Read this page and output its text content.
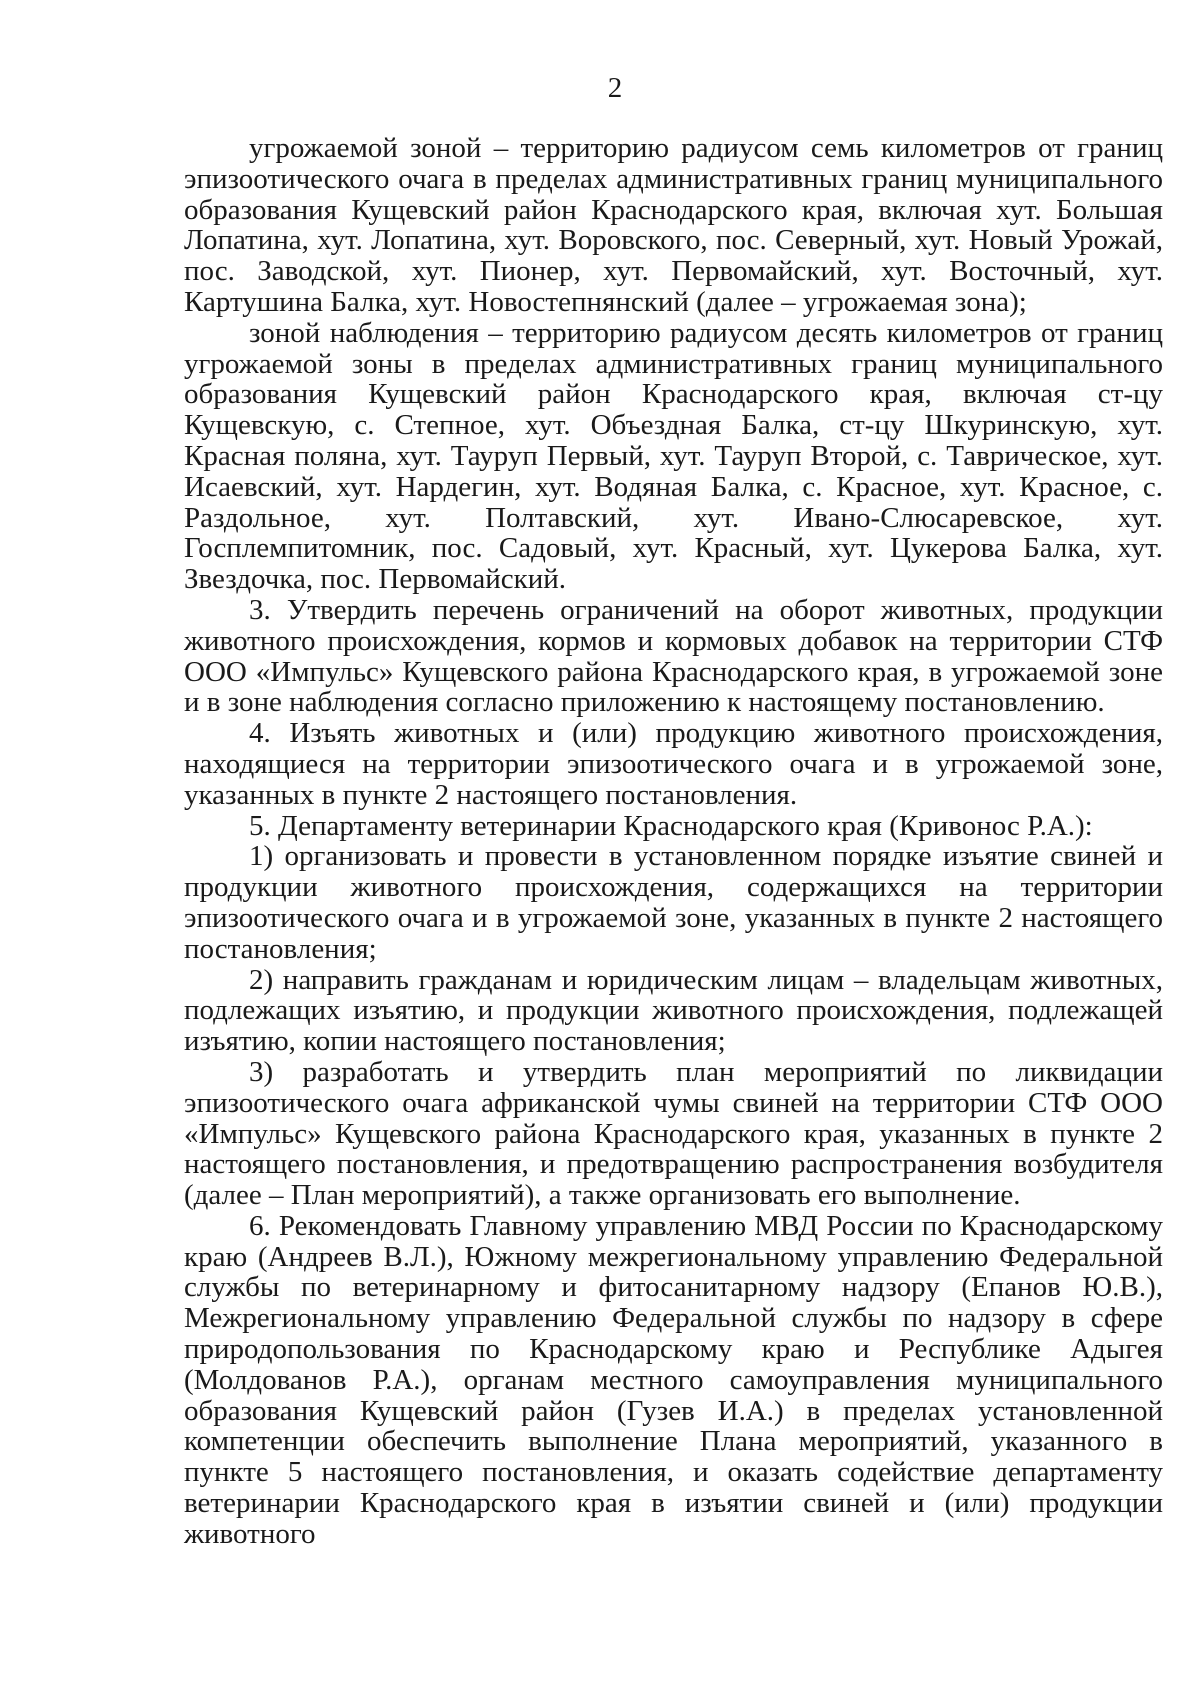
2

угрожаемой зоной – территорию радиусом семь километров от границ эпизоотического очага в пределах административных границ муниципального образования Кущевский район Краснодарского края, включая хут. Большая Лопатина, хут. Лопатина, хут. Воровского, пос. Северный, хут. Новый Урожай, пос. Заводской, хут. Пионер, хут. Первомайский, хут. Восточный, хут. Картушина Балка, хут. Новостепнянский (далее – угрожаемая зона);

зоной наблюдения – территорию радиусом десять километров от границ угрожаемой зоны в пределах административных границ муниципального образования Кущевский район Краснодарского края, включая ст-цу Кущевскую, с. Степное, хут. Объездная Балка, ст-цу Шкуринскую, хут. Красная поляна, хут. Тауруп Первый, хут. Тауруп Второй, с. Таврическое, хут. Исаевский, хут. Нардегин, хут. Водяная Балка, с. Красное, хут. Красное, с. Раздольное, хут. Полтавский, хут. Ивано-Слюсаревское, хут. Госплемпитомник, пос. Садовый, хут. Красный, хут. Цукерова Балка, хут. Звездочка, пос. Первомайский.

3. Утвердить перечень ограничений на оборот животных, продукции животного происхождения, кормов и кормовых добавок на территории СТФ ООО «Импульс» Кущевского района Краснодарского края, в угрожаемой зоне и в зоне наблюдения согласно приложению к настоящему постановлению.

4. Изъять животных и (или) продукцию животного происхождения, находящиеся на территории эпизоотического очага и в угрожаемой зоне, указанных в пункте 2 настоящего постановления.

5. Департаменту ветеринарии Краснодарского края (Кривонос Р.А.):

1) организовать и провести в установленном порядке изъятие свиней и продукции животного происхождения, содержащихся на территории эпизоотического очага и в угрожаемой зоне, указанных в пункте 2 настоящего постановления;

2) направить гражданам и юридическим лицам – владельцам животных, подлежащих изъятию, и продукции животного происхождения, подлежащей изъятию, копии настоящего постановления;

3) разработать и утвердить план мероприятий по ликвидации эпизоотического очага африканской чумы свиней на территории СТФ ООО «Импульс» Кущевского района Краснодарского края, указанных в пункте 2 настоящего постановления, и предотвращению распространения возбудителя (далее – План мероприятий), а также организовать его выполнение.

6. Рекомендовать Главному управлению МВД России по Краснодарскому краю (Андреев В.Л.), Южному межрегиональному управлению Федеральной службы по ветеринарному и фитосанитарному надзору (Епанов Ю.В.), Межрегиональному управлению Федеральной службы по надзору в сфере природопользования по Краснодарскому краю и Республике Адыгея (Молдованов Р.А.), органам местного самоуправления муниципального образования Кущевский район (Гузев И.А.) в пределах установленной компетенции обеспечить выполнение Плана мероприятий, указанного в пункте 5 настоящего постановления, и оказать содействие департаменту ветеринарии Краснодарского края в изъятии свиней и (или) продукции животного
